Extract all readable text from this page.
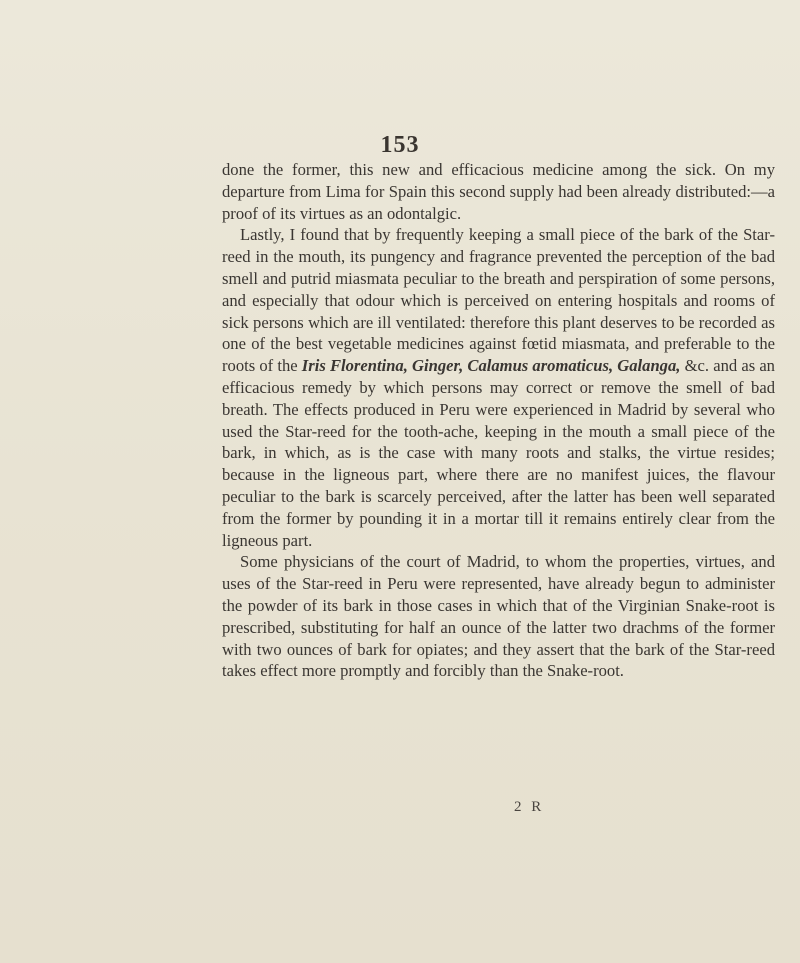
153

done the former, this new and efficacious medicine among the sick. On my departure from Lima for Spain this second supply had been already distributed:—a proof of its virtues as an odontalgic.

Lastly, I found that by frequently keeping a small piece of the bark of the Star-reed in the mouth, its pungency and fragrance prevented the perception of the bad smell and putrid miasmata peculiar to the breath and perspiration of some persons, and especially that odour which is perceived on entering hospitals and rooms of sick persons which are ill ventilated: therefore this plant deserves to be recorded as one of the best vegetable medicines against fœtid miasmata, and preferable to the roots of the Iris Florentina, Ginger, Calamus aromaticus, Galanga, &c. and as an efficacious remedy by which persons may correct or remove the smell of bad breath. The effects produced in Peru were experienced in Madrid by several who used the Star-reed for the tooth-ache, keeping in the mouth a small piece of the bark, in which, as is the case with many roots and stalks, the virtue resides; because in the ligneous part, where there are no manifest juices, the flavour peculiar to the bark is scarcely perceived, after the latter has been well separated from the former by pounding it in a mortar till it remains entirely clear from the ligneous part.

Some physicians of the court of Madrid, to whom the properties, virtues, and uses of the Star-reed in Peru were represented, have already begun to administer the powder of its bark in those cases in which that of the Virginian Snake-root is prescribed, substituting for half an ounce of the latter two drachms of the former with two ounces of bark for opiates; and they assert that the bark of the Star-reed takes effect more promptly and forcibly than the Snake-root.

2 R
